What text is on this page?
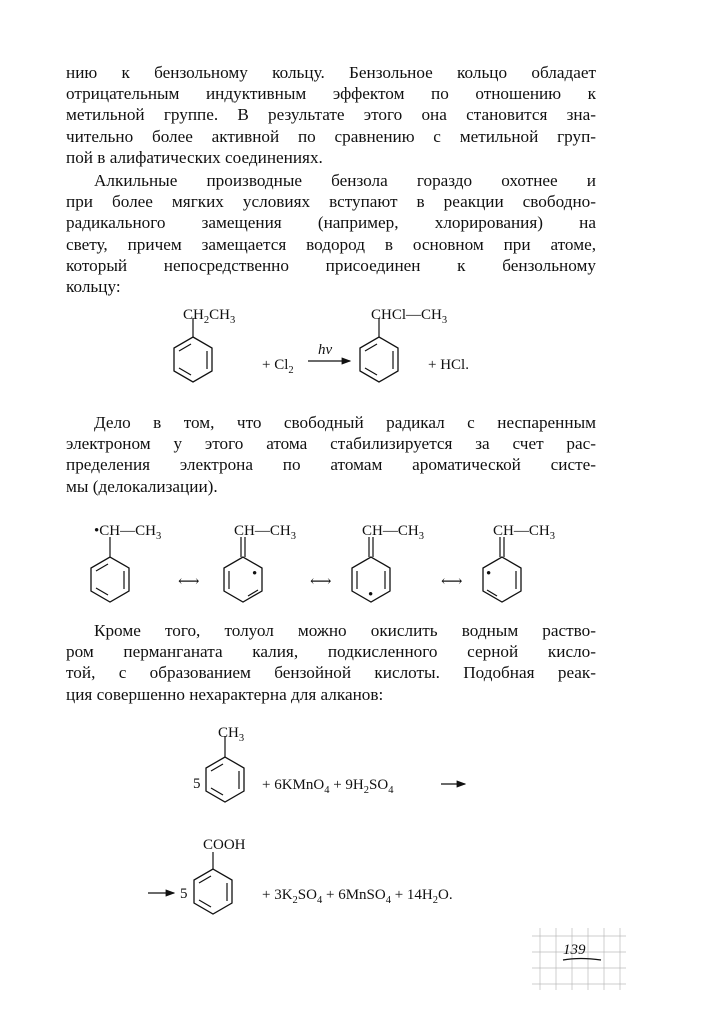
нию к бензольному кольцу. Бензольное кольцо обладает
отрицательным индуктивным эффектом по отношению к
метильной группе. В результате этого она становится зна-
чительно более активной по сравнению с метильной груп-
пой в алифатических соединениях.
Алкильные производные бензола гораздо охотнее и
при более мягких условиях вступают в реакции свободно-
радикального замещения (например, хлорирования) на
свету, причем замещается водород в основном при атоме,
который непосредственно присоединен к бензольному
кольцу:
Дело в том, что свободный радикал с неспаренным
электроном у этого атома стабилизируется за счет рас-
пределения электрона по атомам ароматической систе-
мы (делокализации).
Кроме того, толуол можно окислить водным раство-
ром перманганата калия, подкисленного серной кисло-
той, с образованием бензойной кислоты. Подобная реак-
ция совершенно нехарактерна для алканов:
$CH_2CH_3$
+ $Cl_2$
hν
$CHCl—CH_3$
+ HCl.
$•CH—CH_3$
⟷	•
$CH—CH_3$
⟷
•
$CH—CH_3$
⟷ •
$CH—CH_3$
$CH_3$
5	+ 6KMnO$_4$ + $9H_2SO_4$
COOH
5	+ $3K_2SO_4$ + 6MnSO$_4$ + $14H_2O$.
139
